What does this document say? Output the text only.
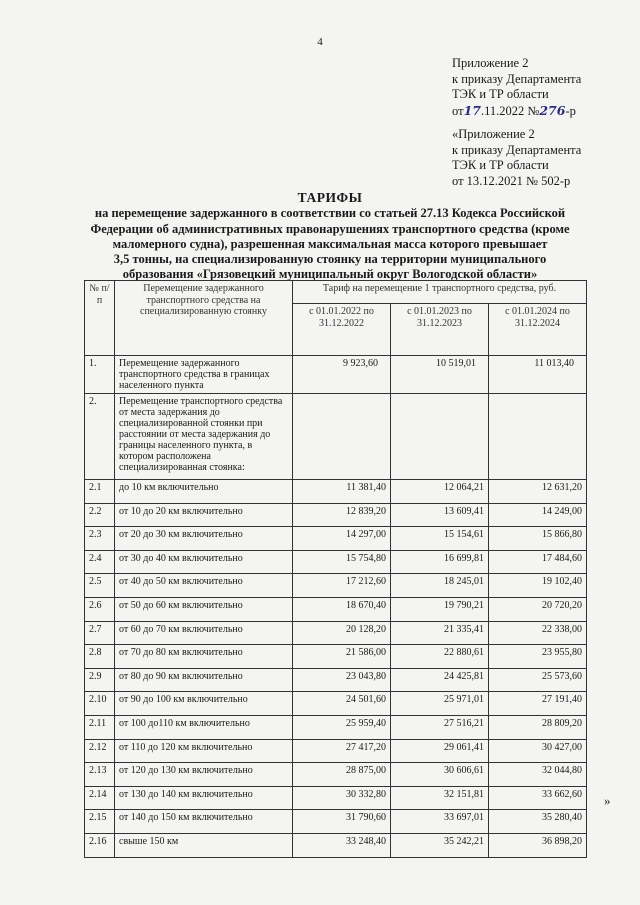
4
Приложение 2
к приказу Департамента
ТЭК и ТР области
от17.11.2022 №276-р
«Приложение 2
к приказу Департамента
ТЭК и ТР области
от 13.12.2021 № 502-р
ТАРИФЫ
на перемещение задержанного в соответствии со статьей 27.13 Кодекса Российской
Федерации об административных правонарушениях транспортного средства (кроме
маломерного судна), разрешенная максимальная масса которого превышает
3,5 тонны, на специализированную стоянку на территории муниципального
образования «Грязовецкий муниципальный округ Вологодской области»
№ п/п	Перемещение задержанного транспортного средства на специализированную стоянку	Тариф на перемещение 1 транспортного средства, руб.		
		с 01.01.2022 по 31.12.2022	с 01.01.2023 по 31.12.2023	с 01.01.2024 по 31.12.2024
1.	Перемещение задержанного транспортного средства в границах населенного пункта	9 923,60	10 519,01	11 013,40
2.	Перемещение транспортного средства от места задержания до специализированной стоянки при расстоянии от места задержания до границы населенного пункта, в котором расположена специализированная стоянка:			
2.1	до 10 км включительно	11 381,40	12 064,21	12 631,20
2.2	от 10 до 20 км включительно	12 839,20	13 609,41	14 249,00
2.3	от 20 до 30 км включительно	14 297,00	15 154,61	15 866,80
2.4	от 30 до 40 км включительно	15 754,80	16 699,81	17 484,60
2.5	от 40 до 50 км включительно	17 212,60	18 245,01	19 102,40
2.6	от 50 до 60 км включительно	18 670,40	19 790,21	20 720,20
2.7	от 60 до 70 км включительно	20 128,20	21 335,41	22 338,00
2.8	от 70 до 80 км включительно	21 586,00	22 880,61	23 955,80
2.9	от 80 до 90 км включительно	23 043,80	24 425,81	25 573,60
2.10	от 90 до 100 км включительно	24 501,60	25 971,01	27 191,40
2.11	от 100 до110 км включительно	25 959,40	27 516,21	28 809,20
2.12	от 110 до 120 км включительно	27 417,20	29 061,41	30 427,00
2.13	от 120 до 130 км включительно	28 875,00	30 606,61	32 044,80
2.14	от 130 до 140 км включительно	30 332,80	32 151,81	33 662,60
2.15	от 140 до 150 км включительно	31 790,60	33 697,01	35 280,40
2.16	свыше 150 км	33 248,40	35 242,21	36 898,20
»
